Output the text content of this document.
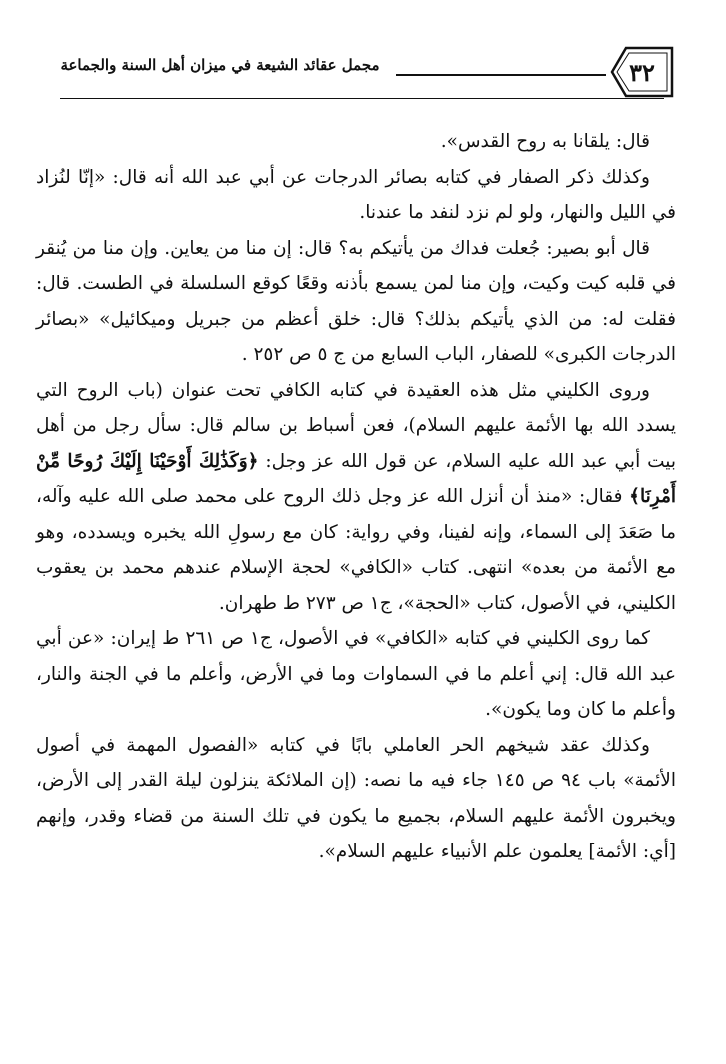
٣٢
مجمل عقائد الشيعة في ميزان أهل السنة والجماعة

قال: يلقانا به روح القدس».

وكذلك ذكر الصفار في كتابه بصائر الدرجات عن أبي عبد الله أنه قال: «إنّا لنُزاد في الليل والنهار، ولو لم نزد لنفد ما عندنا.

قال أبو بصير: جُعلت فداك من يأتيكم به؟ قال: إن منا من يعاين. وإن منا من يُنقر في قلبه كيت وكيت، وإن منا لمن يسمع بأذنه وقعًا كوقع السلسلة في الطست. قال: فقلت له: من الذي يأتيكم بذلك؟ قال: خلق أعظم من جبريل وميكائيل» «بصائر الدرجات الكبرى» للصفار، الباب السابع من ج ٥ ص ٢٥٢ .

وروى الكليني مثل هذه العقيدة في كتابه الكافي تحت عنوان (باب الروح التي يسدد الله بها الأئمة عليهم السلام)، فعن أسباط بن سالم قال: سأل رجل من أهل بيت أبي عبد الله عليه السلام، عن قول الله عز وجل: ﴿وَكَذَٰلِكَ أَوْحَيْنَا إِلَيْكَ رُوحًا مِّنْ أَمْرِنَا﴾ فقال: «منذ أن أنزل الله عز وجل ذلك الروح على محمد صلى الله عليه وآله، ما صَعَدَ إلى السماء، وإنه لفينا، وفي رواية: كان مع رسولِ الله يخبره ويسدده، وهو مع الأئمة من بعده» انتهى. كتاب «الكافي» لحجة الإسلام عندهم محمد بن يعقوب الكليني، في الأصول، كتاب «الحجة»، ج١ ص ٢٧٣ ط طهران.

كما روى الكليني في كتابه «الكافي» في الأصول، ج١ ص ٢٦١ ط إيران: «عن أبي عبد الله قال: إني أعلم ما في السماوات وما في الأرض، وأعلم ما في الجنة والنار، وأعلم ما كان وما يكون».

وكذلك عقد شيخهم الحر العاملي بابًا في كتابه «الفصول المهمة في أصول الأئمة» باب ٩٤ ص ١٤٥ جاء فيه ما نصه: (إن الملائكة ينزلون ليلة القدر إلى الأرض، ويخبرون الأئمة عليهم السلام، بجميع ما يكون في تلك السنة من قضاء وقدر، وإنهم [أي: الأئمة] يعلمون علم الأنبياء عليهم السلام».
